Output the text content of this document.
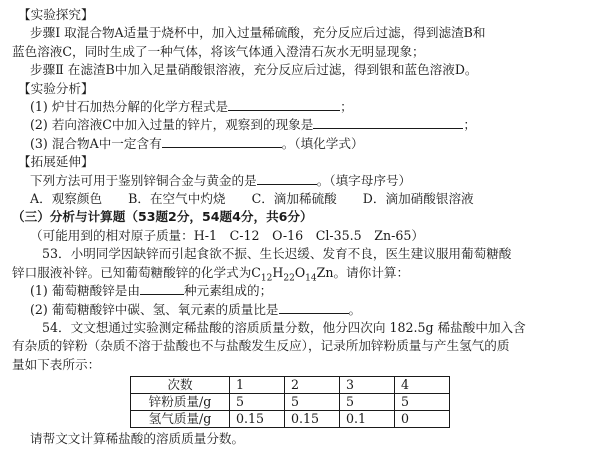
【实验探究】
步骤Ⅰ 取混合物A适量于烧杯中，加入过量稀硫酸，充分反应后过滤，得到滤渣B和
蓝色溶液C，同时生成了一种气体，将该气体通入澄清石灰水无明显现象；
步骤Ⅱ 在滤渣B中加入足量硝酸银溶液，充分反应后过滤，得到银和蓝色溶液D。
【实验分析】
(1) 炉甘石加热分解的化学方程式是	；
(2) 若向溶液C中加入过量的锌片，观察到的现象是	；
(3) 混合物A中一定含有	。（填化学式）
【拓展延伸】
下列方法可用于鉴别锌铜合金与黄金的是	。（填字母序号）
A．观察颜色 B．在空气中灼烧 C．滴加稀硫酸 D．滴加硝酸银溶液
（三）分析与计算题（53题2分，54题4分，共6分）
（可能用到的相对原子质量：H-1　C-12　O-16　Cl-35.5　Zn-65）
53．小明同学因缺锌而引起食欲不振、生长迟缓、发育不良，医生建议服用葡萄糖酸
锌口服液补锌。已知葡萄糖酸锌的化学式为$C_{12}H_{22}O_{14}Zn$。请你计算：
(1) 葡萄糖酸锌是由	种元素组成的；
(2) 葡萄糖酸锌中碳、氢、氧元素的质量比是	。
54．文文想通过实验测定稀盐酸的溶质质量分数，他分四次向 182.5g 稀盐酸中加入含
有杂质的锌粉（杂质不溶于盐酸也不与盐酸发生反应），记录所加锌粉质量与产生氢气的质
量如下表所示：
次数	1	2	3	4
锌粉质量/g	5	5	5	5
氢气质量/g	0.15	0.15	0.1	0
请帮文文计算稀盐酸的溶质质量分数。
